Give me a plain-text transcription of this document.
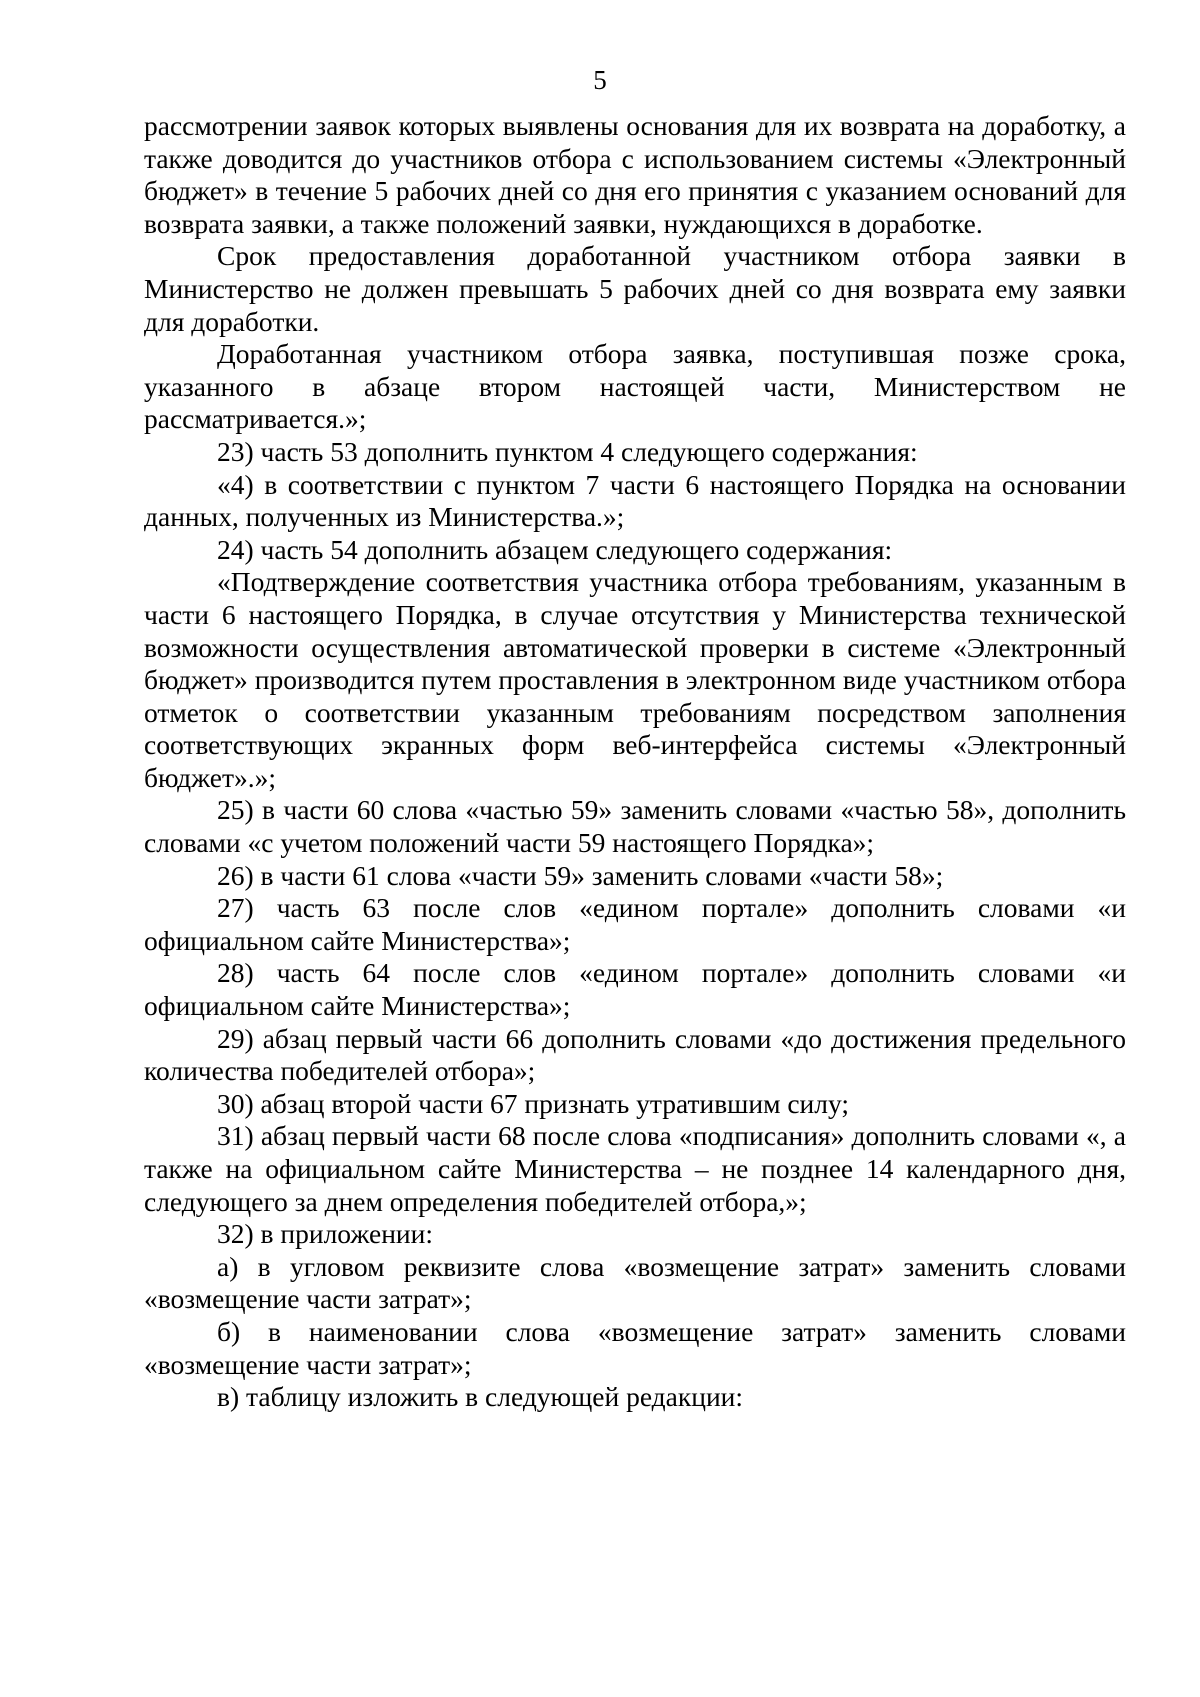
5

рассмотрении заявок которых выявлены основания для их возврата на доработку, а также доводится до участников отбора с использованием системы «Электронный бюджет» в течение 5 рабочих дней со дня его принятия с указанием оснований для возврата заявки, а также положений заявки, нуждающихся в доработке.

Срок предоставления доработанной участником отбора заявки в Министерство не должен превышать 5 рабочих дней со дня возврата ему заявки для доработки.

Доработанная участником отбора заявка, поступившая позже срока, указанного в абзаце втором настоящей части, Министерством не рассматривается.»;

23) часть 53 дополнить пунктом 4 следующего содержания:

«4) в соответствии с пунктом 7 части 6 настоящего Порядка на основании данных, полученных из Министерства.»;

24) часть 54 дополнить абзацем следующего содержания:

«Подтверждение соответствия участника отбора требованиям, указанным в части 6 настоящего Порядка, в случае отсутствия у Министерства технической возможности осуществления автоматической проверки в системе «Электронный бюджет» производится путем проставления в электронном виде участником отбора отметок о соответствии указанным требованиям посредством заполнения соответствующих экранных форм веб-интерфейса системы «Электронный бюджет».»;

25) в части 60 слова «частью 59» заменить словами «частью 58», дополнить словами «с учетом положений части 59 настоящего Порядка»;

26) в части 61 слова «части 59» заменить словами «части 58»;

27) часть 63 после слов «едином портале» дополнить словами «и официальном сайте Министерства»;

28) часть 64 после слов «едином портале» дополнить словами «и официальном сайте Министерства»;

29) абзац первый части 66 дополнить словами «до достижения предельного количества победителей отбора»;

30) абзац второй части 67 признать утратившим силу;

31) абзац первый части 68 после слова «подписания» дополнить словами «, а также на официальном сайте Министерства – не позднее 14 календарного дня, следующего за днем определения победителей отбора,»;

32) в приложении:

а) в угловом реквизите слова «возмещение затрат» заменить словами «возмещение части затрат»;

б) в наименовании слова «возмещение затрат» заменить словами «возмещение части затрат»;

в) таблицу изложить в следующей редакции:
